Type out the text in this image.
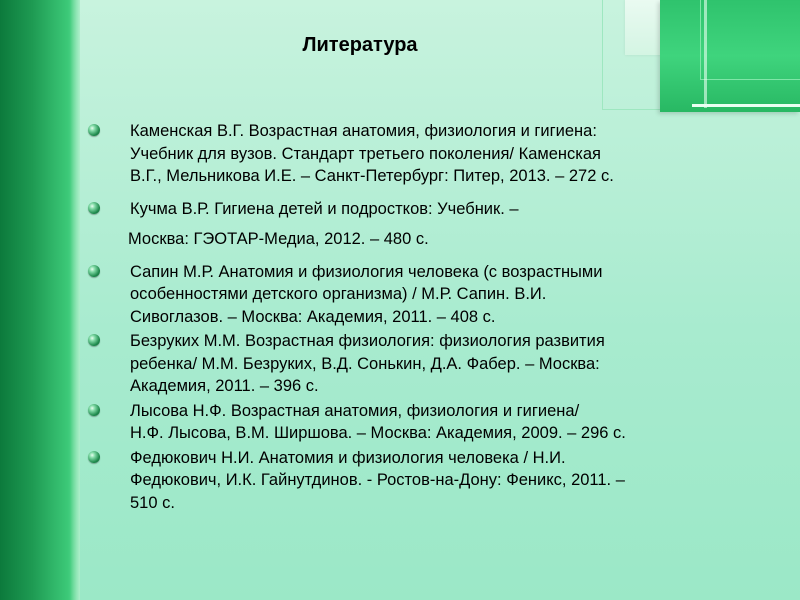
Литература
Каменская В.Г. Возрастная анатомия, физиология и гигиена:
Учебник для вузов. Стандарт третьего поколения/ Каменская
В.Г., Мельникова И.Е. – Санкт-Петербург: Питер, 2013. – 272 с.
Кучма В.Р. Гигиена детей и подростков: Учебник. –
Москва: ГЭОТАР-Медиа, 2012. – 480 с.
Сапин М.Р. Анатомия и физиология человека (с возрастными
особенностями детского организма) / М.Р. Сапин. В.И.
Сивоглазов. – Москва: Академия, 2011. – 408 с.
Безруких М.М. Возрастная физиология: физиология развития
ребенка/ М.М. Безруких, В.Д. Сонькин, Д.А. Фабер. – Москва:
Академия, 2011. – 396 с.
Лысова Н.Ф. Возрастная анатомия, физиология и гигиена/
Н.Ф. Лысова, В.М. Ширшова. – Москва: Академия, 2009. – 296 с.
Федюкович Н.И. Анатомия и физиология человека / Н.И.
Федюкович, И.К. Гайнутдинов. - Ростов-на-Дону: Феникс, 2011. –
510 с.
